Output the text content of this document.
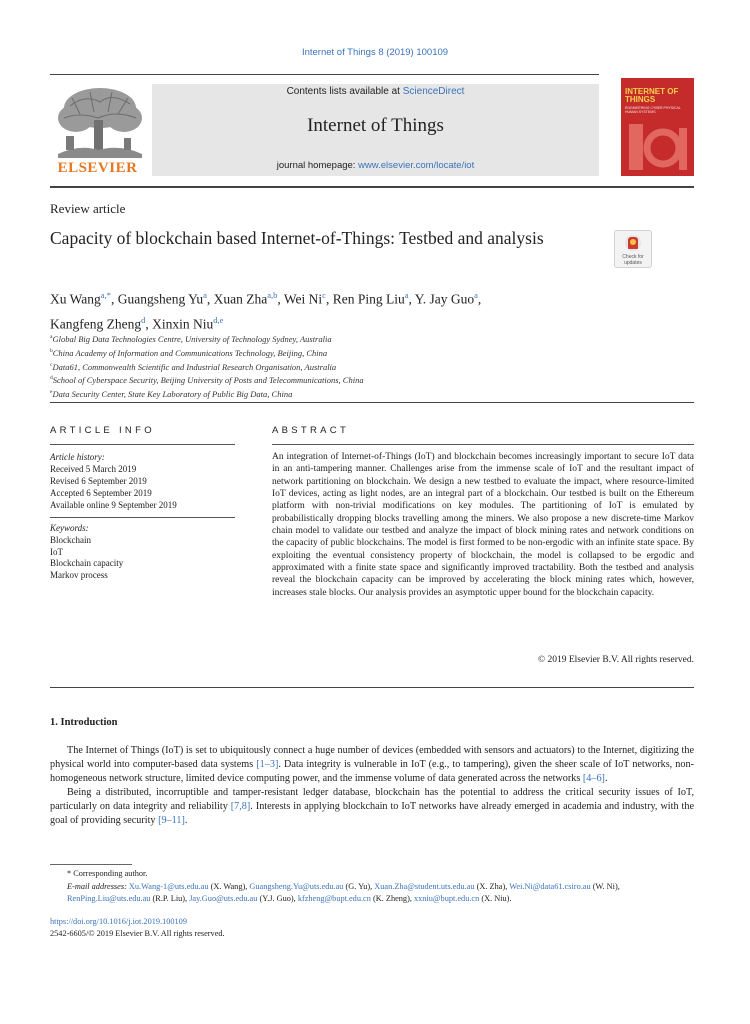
Internet of Things 8 (2019) 100109
ELSEVIER
Contents lists available at ScienceDirect
Internet of Things
journal homepage: www.elsevier.com/locate/iot
INTERNET OF THINGS
ENGINEERING CYBER PHYSICAL HUMAN SYSTEMS
Review article
Capacity of blockchain based Internet-of-Things: Testbed and analysis
Check for updates
Xu Wang$^{a,*}$, Guangsheng Yu$^a$, Xuan Zha$^{a,b}$, Wei Ni$^c$, Ren Ping Liu$^a$, Y. Jay Guo$^a$,
Kangfeng Zheng$^d$, Xinxin Niu$^{d,e}$
$^a$Global Big Data Technologies Centre, University of Technology Sydney, Australia
$^b$China Academy of Information and Communications Technology, Beijing, China
$^c$Data61, Commonwealth Scientific and Industrial Research Organisation, Australia
$^d$School of Cyberspace Security, Beijing University of Posts and Telecommunications, China
$^e$Data Security Center, State Key Laboratory of Public Big Data, China
ARTICLE INFO
Article history:
Received 5 March 2019
Revised 6 September 2019
Accepted 6 September 2019
Available online 9 September 2019
Keywords:
Blockchain
IoT
Blockchain capacity
Markov process
ABSTRACT
An integration of Internet-of-Things (IoT) and blockchain becomes increasingly important to secure IoT data in an anti-tampering manner. Challenges arise from the immense scale of IoT and the resultant impact of network partitioning on blockchain. We design a new testbed to evaluate the impact, where resource-limited IoT devices, acting as light nodes, are an integral part of a blockchain. Our testbed is built on the Ethereum platform with non-trivial modifications on key modules. The partitioning of IoT is emulated by probabilistically dropping blocks travelling among the miners. We also propose a new discrete-time Markov chain model to validate our testbed and analyze the impact of block mining rates and network conditions on the capacity of public blockchains. The model is first formed to be non-ergodic with an infinite state space. By exploiting the eventual consistency property of blockchain, the model is collapsed to be ergodic and approximated with a finite state space and significantly improved tractability. Both the testbed and analysis reveal the blockchain capacity can be improved by accelerating the block mining rates which, however, increases stale blocks. Our analysis provides an asymptotic upper bound for the blockchain capacity.
© 2019 Elsevier B.V. All rights reserved.
1. Introduction

The Internet of Things (IoT) is set to ubiquitously connect a huge number of devices (embedded with sensors and actuators) to the Internet, digitizing the physical world into computer-based data systems [1–3]. Data integrity is vulnerable in IoT (e.g., to tampering), given the sheer scale of IoT networks, non-homogeneous network structure, limited device computing power, and the immense volume of data generated across the networks [4–6].

Being a distributed, incorruptible and tamper-resistant ledger database, blockchain has the potential to address the critical security issues of IoT, particularly on data integrity and reliability [7,8]. Interests in applying blockchain to IoT networks have already emerged in academia and industry, with the goal of providing security [9–11].

* Corresponding author.

E-mail addresses: Xu.Wang-1@uts.edu.au (X. Wang), Guangsheng.Yu@uts.edu.au (G. Yu), Xuan.Zha@student.uts.edu.au (X. Zha), Wei.Ni@data61.csiro.au (W. Ni), RenPing.Liu@uts.edu.au (R.P. Liu), Jay.Guo@uts.edu.au (Y.J. Guo), kfzheng@bupt.edu.cn (K. Zheng), xxniu@bupt.edu.cn (X. Niu).

https://doi.org/10.1016/j.iot.2019.100109
2542-6605/© 2019 Elsevier B.V. All rights reserved.
